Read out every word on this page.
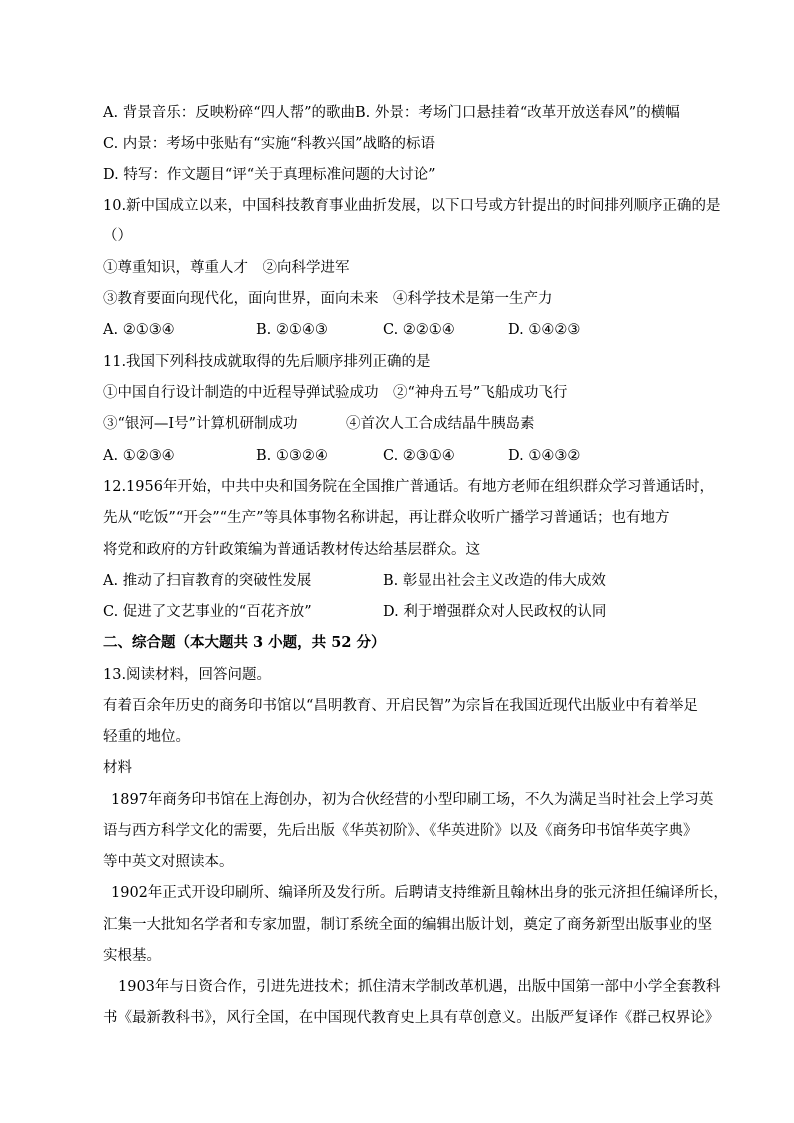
A. 背景音乐：反映粉碎“四人帮”的歌曲B. 外景：考场门口悬挂着“改革开放送春风”的横幅
C. 内景：考场中张贴有“实施“科教兴国”战略的标语
D. 特写：作文题目“评“关于真理标准问题的大讨论”
10.新中国成立以来，中国科技教育事业曲折发展，以下口号或方针提出的时间排列顺序正确的是
（）
①尊重知识，尊重人才　②向科学进军
③教育要面向现代化，面向世界，面向未来　④科学技术是第一生产力
A. ②①③④	B. ②①④③	C. ②②①④	D. ①④②③
11.我国下列科技成就取得的先后顺序排列正确的是
①中国自行设计制造的中近程导弹试验成功　②“神舟五号”飞船成功飞行
③“银河—I号”计算机研制成功	④首次人工合成结晶牛胰岛素
A. ①②③④	B. ①③②④	C. ②③①④	D. ①④③②
12.1956年开始，中共中央和国务院在全国推广普通话。有地方老师在组织群众学习普通话时，
先从“吃饭”“开会”“生产”等具体事物名称讲起，再让群众收听广播学习普通话；也有地方
将党和政府的方针政策编为普通话教材传达给基层群众。这
A. 推动了扫盲教育的突破性发展	B. 彰显出社会主义改造的伟大成效
C. 促进了文艺事业的“百花齐放”	D. 利于增强群众对人民政权的认同
二、综合题（本大题共 3 小题，共 52 分）
13.阅读材料，回答问题。
有着百余年历史的商务印书馆以“昌明教育、开启民智”为宗旨在我国近现代出版业中有着举足
轻重的地位。
材料
1897年商务印书馆在上海创办，初为合伙经营的小型印刷工场，不久为满足当时社会上学习英
语与西方科学文化的需要，先后出版《华英初阶》、《华英进阶》以及《商务印书馆华英字典》
等中英文对照读本。
1902年正式开设印刷所、编译所及发行所。后聘请支持维新且翰林出身的张元济担任编译所长，
汇集一大批知名学者和专家加盟，制订系统全面的编辑出版计划，奠定了商务新型出版事业的坚
实根基。
1903年与日资合作，引进先进技术；抓住清末学制改革机遇，出版中国第一部中小学全套教科
书《最新教科书》，风行全国，在中国现代教育史上具有草创意义。出版严复译作《群己权界论》
